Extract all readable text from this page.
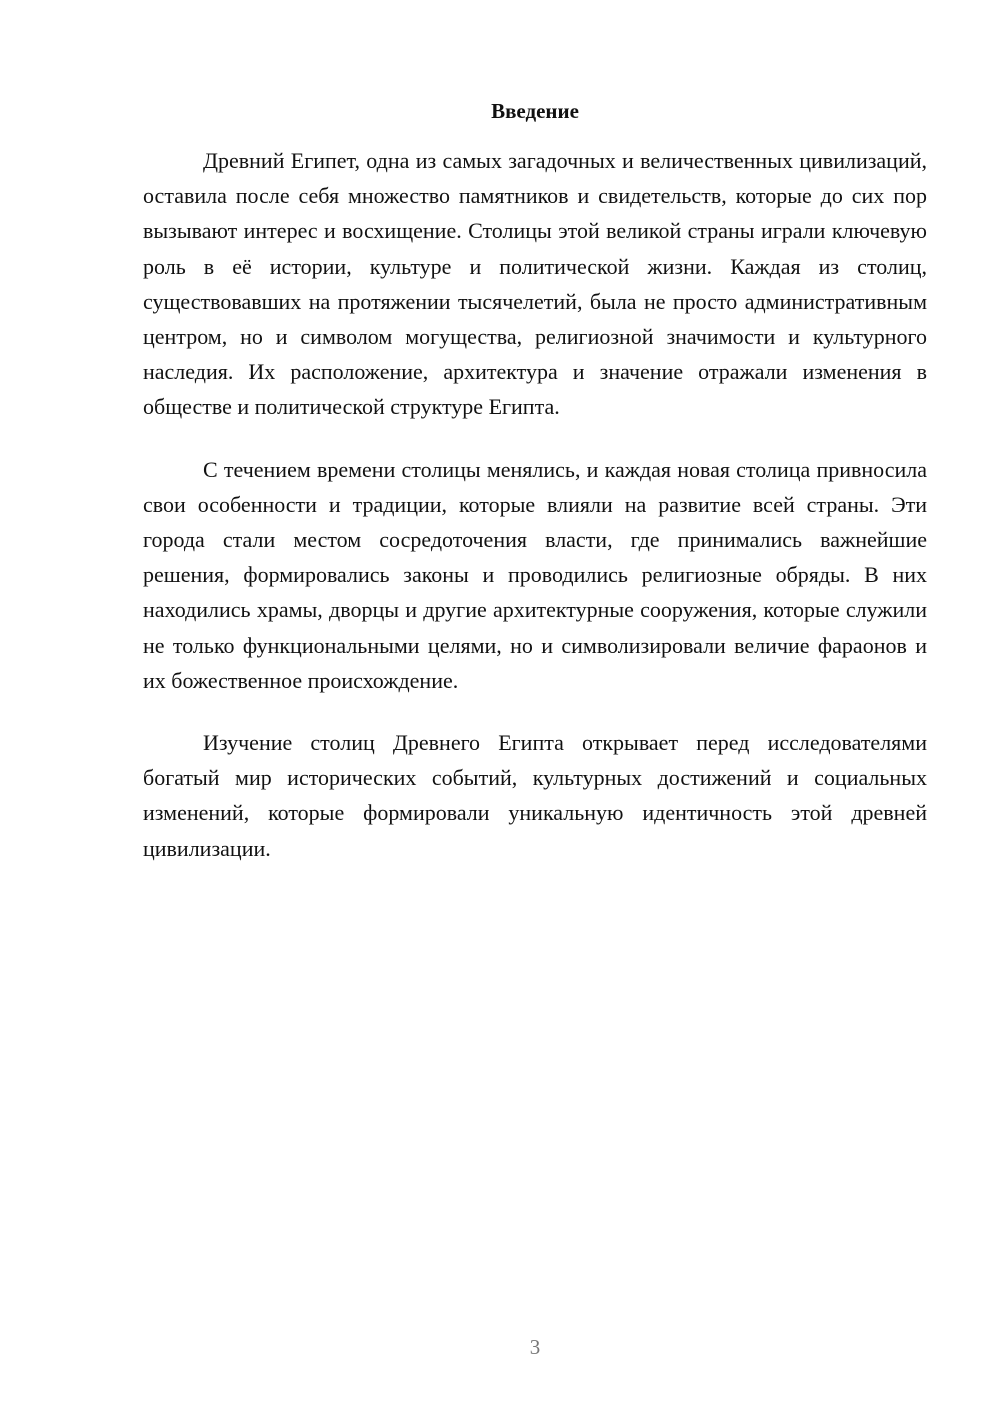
Введение

Древний Египет, одна из самых загадочных и величественных цивилизаций, оставила после себя множество памятников и свидетельств, которые до сих пор вызывают интерес и восхищение. Столицы этой великой страны играли ключевую роль в её истории, культуре и политической жизни. Каждая из столиц, существовавших на протяжении тысячелетий, была не просто административным центром, но и символом могущества, религиозной значимости и культурного наследия. Их расположение, архитектура и значение отражали изменения в обществе и политической структуре Египта.

С течением времени столицы менялись, и каждая новая столица привносила свои особенности и традиции, которые влияли на развитие всей страны. Эти города стали местом сосредоточения власти, где принимались важнейшие решения, формировались законы и проводились религиозные обряды. В них находились храмы, дворцы и другие архитектурные сооружения, которые служили не только функциональными целями, но и символизировали величие фараонов и их божественное происхождение.

Изучение столиц Древнего Египта открывает перед исследователями богатый мир исторических событий, культурных достижений и социальных изменений, которые формировали уникальную идентичность этой древней цивилизации.

3
